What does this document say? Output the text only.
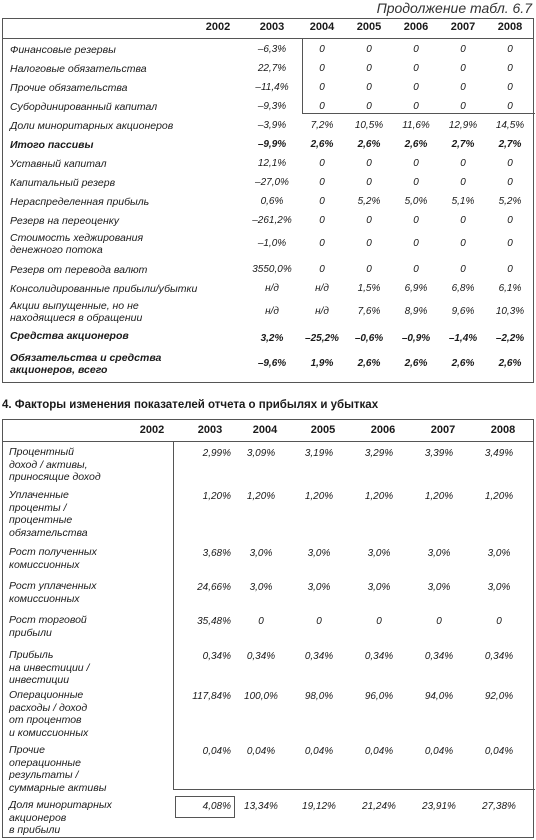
Продолжение табл. 6.7
2002	2003	2004	2005	2006	2007	2008
Финансовые резервы	–6,3%	0	0	0	0	0
Налоговые обязательства	22,7%	0	0	0	0	0
Прочие обязательства	–11,4%	0	0	0	0	0
Субординированный капитал	–9,3%	0	0	0	0	0
Доли миноритарных акционеров	–3,9%	7,2%	10,5%	11,6%	12,9%	14,5%
Итого пассивы	–9,9%	2,6%	2,6%	2,6%	2,7%	2,7%
Уставный капитал	12,1%	0	0	0	0	0
Капитальный резерв	–27,0%	0	0	0	0	0
Нераспределенная прибыль	0,6%	0	5,2%	5,0%	5,1%	5,2%
Резерв на переоценку	–261,2%	0	0	0	0	0
Стоимость хеджирования
денежного потока
–1,0%	0	0	0	0	0
Резерв от перевода валют	3550,0%	0	0	0	0	0
Консолидированные прибыли/убытки	н/д	н/д	1,5%	6,9%	6,8%	6,1%
Акции выпущенные, но не
находящиеся в обращении
н/д	н/д	7,6%	8,9%	9,6%	10,3%
Средства акционеров	3,2%	–25,2%	–0,6%	–0,9%	–1,4%	–2,2%
Обязательства и средства
акционеров, всего
–9,6%	1,9%	2,6%	2,6%	2,6%	2,6%
4. Факторы изменения показателей отчета о прибылях и убытках
2002	2003	2004	2005	2006	2007	2008
Процентный
доход / активы,
приносящие доход
2,99%	3,09%	3,19%	3,29%	3,39%	3,49%
Уплаченные
проценты /
процентные
обязательства
1,20%	1,20%	1,20%	1,20%	1,20%	1,20%
Рост полученных
комиссионных
3,68%	3,0%	3,0%	3,0%	3,0%	3,0%
Рост уплаченных
комиссионных
24,66%	3,0%	3,0%	3,0%	3,0%	3,0%
Рост торговой
прибыли
35,48%	0	0	0	0	0
Прибыль
на инвестиции /
инвестиции
0,34%	0,34%	0,34%	0,34%	0,34%	0,34%
Операционные
расходы / доход
от процентов
и комиссионных
117,84%	100,0%	98,0%	96,0%	94,0%	92,0%
Прочие
операционные
результаты /
суммарные активы
0,04%	0,04%	0,04%	0,04%	0,04%	0,04%
Доля миноритарных
акционеров
в прибыли
4,08%	13,34%	19,12%	21,24%	23,91%	27,38%
